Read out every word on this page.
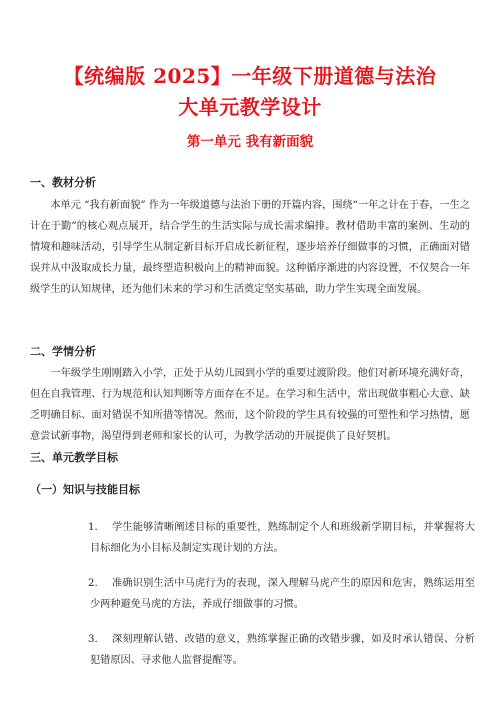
【统编版 2025】一年级下册道德与法治
大单元教学设计
第一单元 我有新面貌
一、教材分析

本单元 “我有新面貌” 作为一年级道德与法治下册的开篇内容，围绕“一年之计在于春，一生之计在于勤”的核心观点展开，结合学生的生活实际与成长需求编排。教材借助丰富的案例、生动的情境和趣味活动，引导学生从制定新目标开启成长新征程，逐步培养仔细做事的习惯，正确面对错误并从中汲取成长力量，最终塑造积极向上的精神面貌。这种循序渐进的内容设置，不仅契合一年级学生的认知规律，还为他们未来的学习和生活奠定坚实基础，助力学生实现全面发展。

二、学情分析

一年级学生刚刚踏入小学，正处于从幼儿园到小学的重要过渡阶段。他们对新环境充满好奇，但在自我管理、行为规范和认知判断等方面存在不足。在学习和生活中，常出现做事粗心大意、缺乏明确目标、面对错误不知所措等情况。然而，这个阶段的学生具有较强的可塑性和学习热情，愿意尝试新事物，渴望得到老师和家长的认可，为教学活动的开展提供了良好契机。

三、单元教学目标
（一）知识与技能目标
1.	学生能够清晰阐述目标的重要性，熟练制定个人和班级新学期目标，并掌握将大目标细化为小目标及制定实现计划的方法。

2.	准确识别生活中马虎行为的表现，深入理解马虎产生的原因和危害，熟练运用至少两种避免马虎的方法，养成仔细做事的习惯。

3.	深刻理解认错、改错的意义，熟练掌握正确的改错步骤，如及时承认错误、分析犯错原因、寻求他人监督提醒等。
